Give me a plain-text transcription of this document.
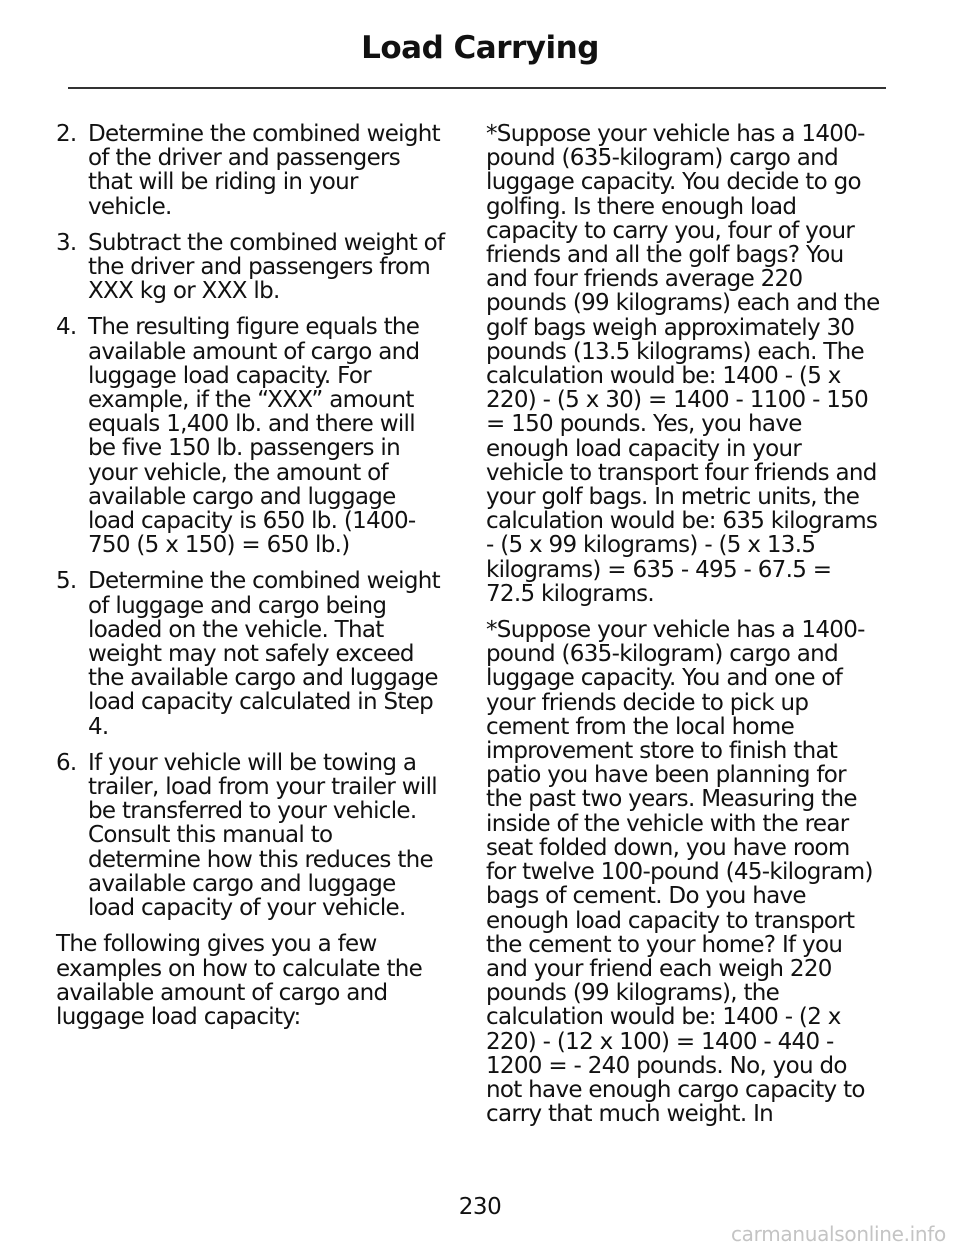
Load Carrying
2. Determine the combined weight of the driver and passengers that will be riding in your vehicle.
3. Subtract the combined weight of the driver and passengers from XXX kg or XXX lb.
4. The resulting figure equals the available amount of cargo and luggage load capacity. For example, if the “XXX” amount equals 1,400 lb. and there will be five 150 lb. passengers in your vehicle, the amount of available cargo and luggage load capacity is 650 lb. (1400-750 (5 x 150) = 650 lb.)
5. Determine the combined weight of luggage and cargo being loaded on the vehicle. That weight may not safely exceed the available cargo and luggage load capacity calculated in Step 4.
6. If your vehicle will be towing a trailer, load from your trailer will be transferred to your vehicle. Consult this manual to determine how this reduces the available cargo and luggage load capacity of your vehicle.

The following gives you a few examples on how to calculate the available amount of cargo and luggage load capacity:

*Suppose your vehicle has a 1400-pound (635-kilogram) cargo and luggage capacity. You decide to go golfing. Is there enough load capacity to carry you, four of your friends and all the golf bags? You and four friends average 220 pounds (99 kilograms) each and the golf bags weigh approximately 30 pounds (13.5 kilograms) each. The calculation would be: 1400 - (5 x 220) - (5 x 30) = 1400 - 1100 - 150 = 150 pounds. Yes, you have enough load capacity in your vehicle to transport four friends and your golf bags. In metric units, the calculation would be: 635 kilograms - (5 x 99 kilograms) - (5 x 13.5 kilograms) = 635 - 495 - 67.5 = 72.5 kilograms.

*Suppose your vehicle has a 1400-pound (635-kilogram) cargo and luggage capacity. You and one of your friends decide to pick up cement from the local home improvement store to finish that patio you have been planning for the past two years. Measuring the inside of the vehicle with the rear seat folded down, you have room for twelve 100-pound (45-kilogram) bags of cement. Do you have enough load capacity to transport the cement to your home? If you and your friend each weigh 220 pounds (99 kilograms), the calculation would be: 1400 - (2 x 220) - (12 x 100) = 1400 - 440 - 1200 = - 240 pounds. No, you do not have enough cargo capacity to carry that much weight. In

230
carmanualsonline.info
